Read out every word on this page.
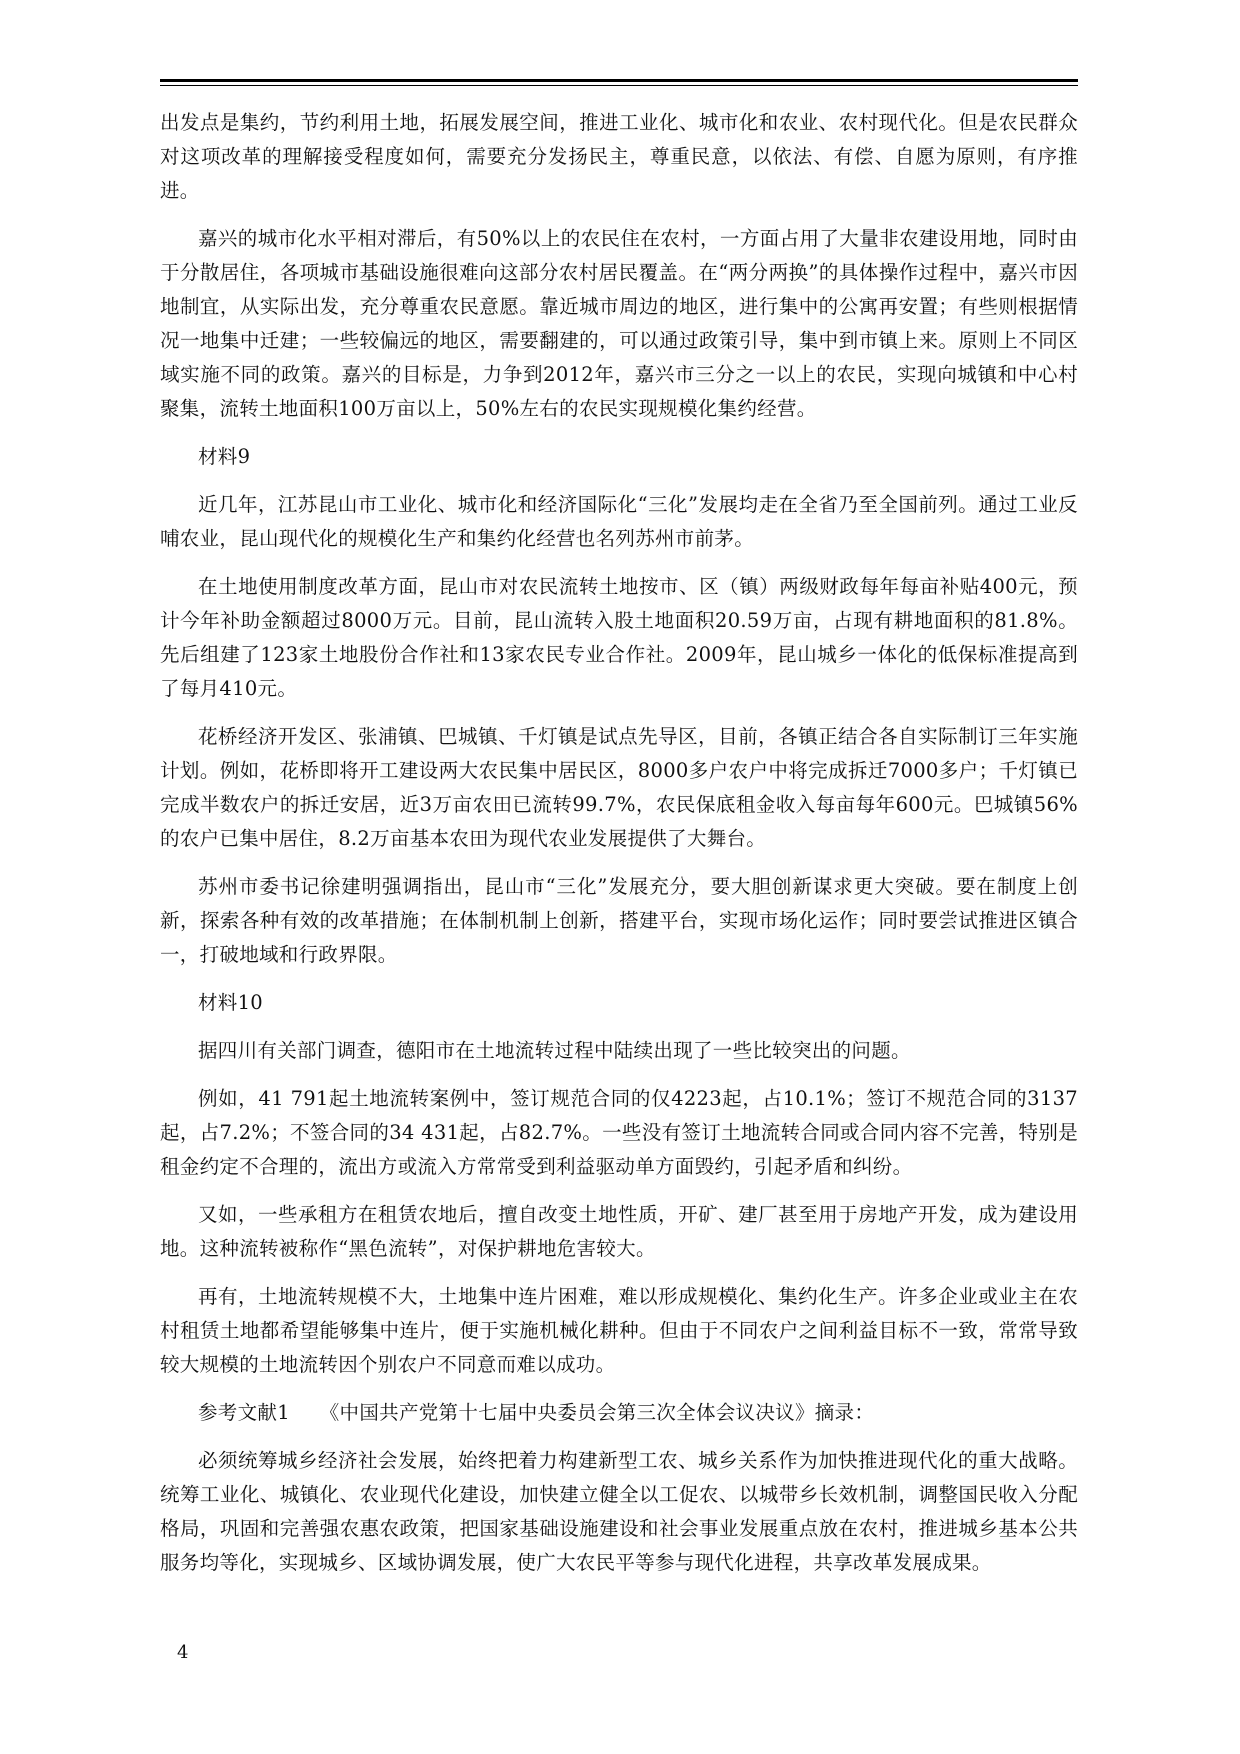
出发点是集约，节约利用土地，拓展发展空间，推进工业化、城市化和农业、农村现代化。但是农民群众对这项改革的理解接受程度如何，需要充分发扬民主，尊重民意，以依法、有偿、自愿为原则，有序推进。

嘉兴的城市化水平相对滞后，有50%以上的农民住在农村，一方面占用了大量非农建设用地，同时由于分散居住，各项城市基础设施很难向这部分农村居民覆盖。在“两分两换”的具体操作过程中，嘉兴市因地制宜，从实际出发，充分尊重农民意愿。靠近城市周边的地区，进行集中的公寓再安置；有些则根据情况一地集中迁建；一些较偏远的地区，需要翻建的，可以通过政策引导，集中到市镇上来。原则上不同区域实施不同的政策。嘉兴的目标是，力争到2012年，嘉兴市三分之一以上的农民，实现向城镇和中心村聚集，流转土地面积100万亩以上，50%左右的农民实现规模化集约经营。

材料9

近几年，江苏昆山市工业化、城市化和经济国际化“三化”发展均走在全省乃至全国前列。通过工业反哺农业，昆山现代化的规模化生产和集约化经营也名列苏州市前茅。

在土地使用制度改革方面，昆山市对农民流转土地按市、区（镇）两级财政每年每亩补贴400元，预计今年补助金额超过8000万元。目前，昆山流转入股土地面积20.59万亩，占现有耕地面积的81.8%。先后组建了123家土地股份合作社和13家农民专业合作社。2009年，昆山城乡一体化的低保标准提高到了每月410元。

花桥经济开发区、张浦镇、巴城镇、千灯镇是试点先导区，目前，各镇正结合各自实际制订三年实施计划。例如，花桥即将开工建设两大农民集中居民区，8000多户农户中将完成拆迁7000多户；千灯镇已完成半数农户的拆迁安居，近3万亩农田已流转99.7%，农民保底租金收入每亩每年600元。巴城镇56%的农户已集中居住，8.2万亩基本农田为现代农业发展提供了大舞台。

苏州市委书记徐建明强调指出，昆山市“三化”发展充分，要大胆创新谋求更大突破。要在制度上创新，探索各种有效的改革措施；在体制机制上创新，搭建平台，实现市场化运作；同时要尝试推进区镇合一，打破地域和行政界限。

材料10

据四川有关部门调查，德阳市在土地流转过程中陆续出现了一些比较突出的问题。

例如，41 791起土地流转案例中，签订规范合同的仅4223起，占10.1%；签订不规范合同的3137起，占7.2%；不签合同的34 431起，占82.7%。一些没有签订土地流转合同或合同内容不完善，特别是租金约定不合理的，流出方或流入方常常受到利益驱动单方面毁约，引起矛盾和纠纷。

又如，一些承租方在租赁农地后，擅自改变土地性质，开矿、建厂甚至用于房地产开发，成为建设用地。这种流转被称作“黑色流转”，对保护耕地危害较大。

再有，土地流转规模不大，土地集中连片困难，难以形成规模化、集约化生产。许多企业或业主在农村租赁土地都希望能够集中连片，便于实施机械化耕种。但由于不同农户之间利益目标不一致，常常导致较大规模的土地流转因个别农户不同意而难以成功。

参考文献1　　《中国共产党第十七届中央委员会第三次全体会议决议》摘录：

必须统筹城乡经济社会发展，始终把着力构建新型工农、城乡关系作为加快推进现代化的重大战略。统筹工业化、城镇化、农业现代化建设，加快建立健全以工促农、以城带乡长效机制，调整国民收入分配格局，巩固和完善强农惠农政策，把国家基础设施建设和社会事业发展重点放在农村，推进城乡基本公共服务均等化，实现城乡、区域协调发展，使广大农民平等参与现代化进程，共享改革发展成果。

4
